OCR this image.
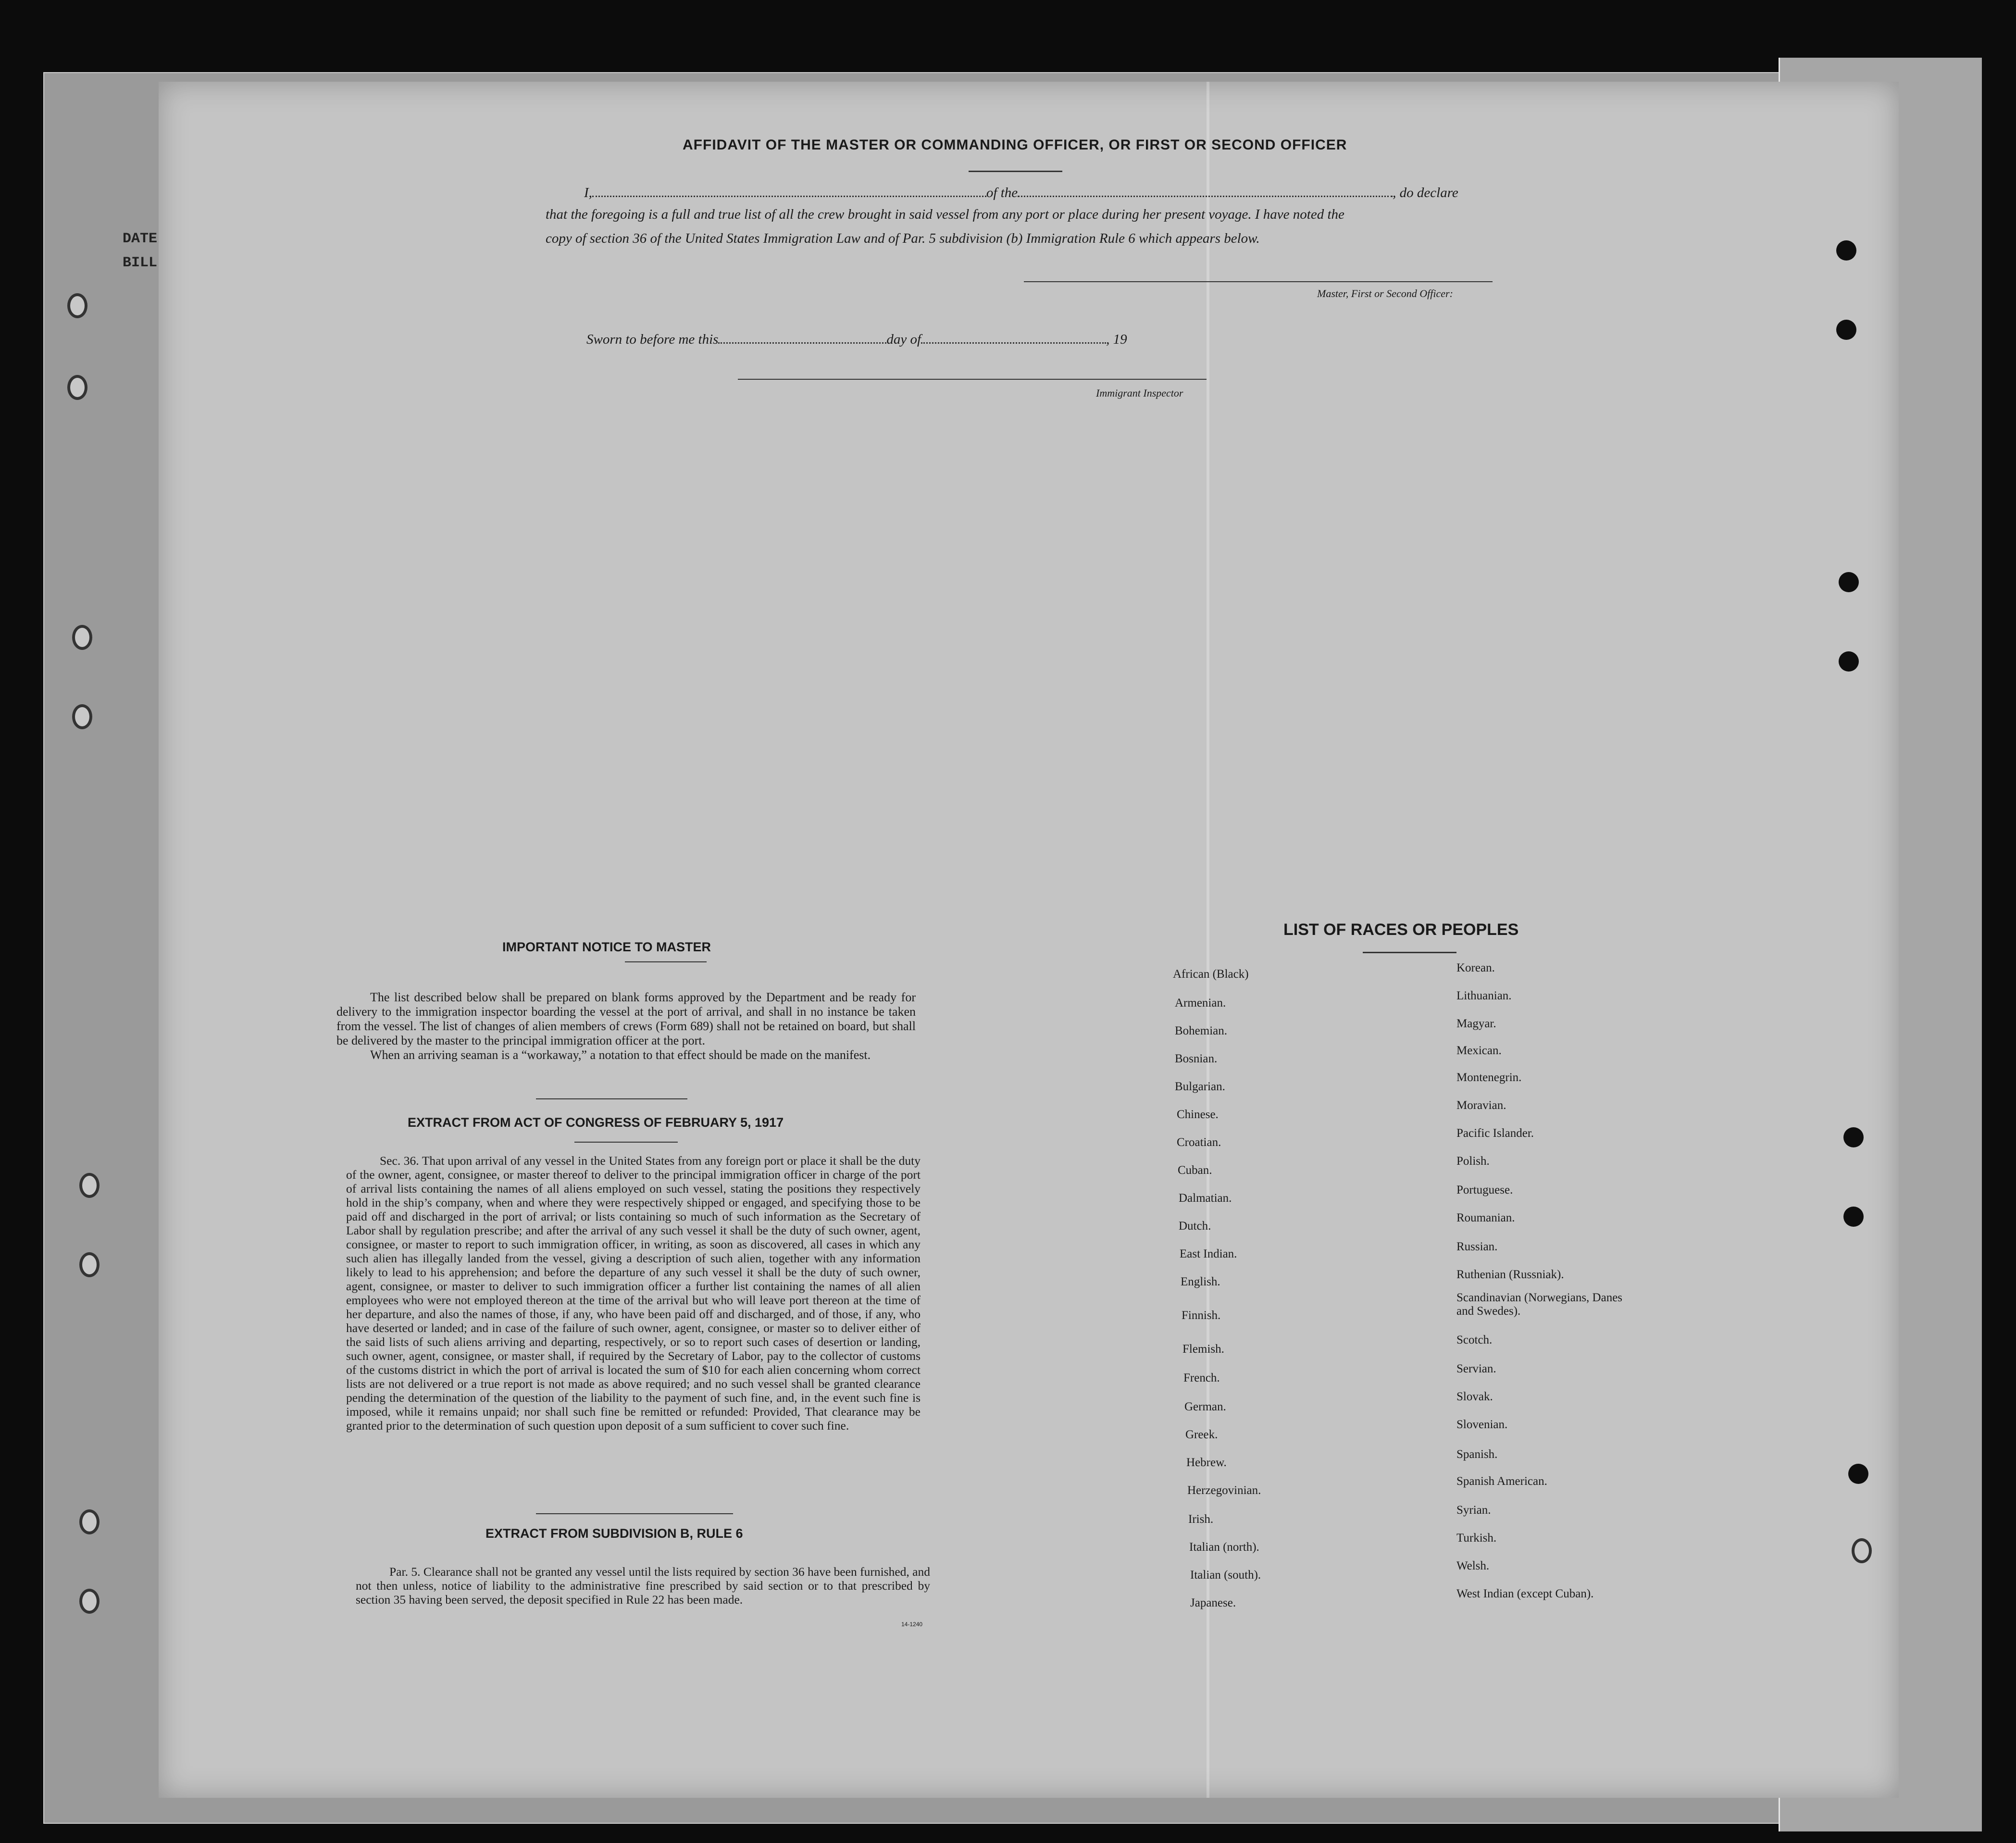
DATE
BILL
AFFIDAVIT OF THE MASTER OR COMMANDING OFFICER, OR FIRST OR SECOND OFFICER
I,	of the	, do declare
that the foregoing is a full and true list of all the crew brought in said vessel from any port or place during her present voyage. I have noted the
copy of section 36 of the United States Immigration Law and of Par. 5 subdivision (b) Immigration Rule 6 which appears below.
Master, First or Second Officer:
Sworn to before me this	day of	, 19
Immigrant Inspector
IMPORTANT NOTICE TO MASTER

The list described below shall be prepared on blank forms approved by the Department and be ready for delivery to the immigration inspector boarding the vessel at the port of arrival, and shall in no instance be taken from the vessel. The list of changes of alien members of crews (Form 689) shall not be retained on board, but shall be delivered by the master to the principal immigration officer at the port.

When an arriving seaman is a “workaway,” a notation to that effect should be made on the manifest.

EXTRACT FROM ACT OF CONGRESS OF FEBRUARY 5, 1917

Sec. 36. That upon arrival of any vessel in the United States from any foreign port or place it shall be the duty of the owner, agent, consignee, or master thereof to deliver to the principal immigration officer in charge of the port of arrival lists containing the names of all aliens employed on such vessel, stating the positions they respectively hold in the ship’s company, when and where they were respectively shipped or engaged, and specifying those to be paid off and discharged in the port of arrival; or lists containing so much of such information as the Secretary of Labor shall by regulation prescribe; and after the arrival of any such vessel it shall be the duty of such owner, agent, consignee, or master to report to such immigration officer, in writing, as soon as discovered, all cases in which any such alien has illegally landed from the vessel, giving a description of such alien, together with any information likely to lead to his apprehension; and before the departure of any such vessel it shall be the duty of such owner, agent, consignee, or master to deliver to such immigration officer a further list containing the names of all alien employees who were not employed thereon at the time of the arrival but who will leave port thereon at the time of her departure, and also the names of those, if any, who have been paid off and discharged, and of those, if any, who have deserted or landed; and in case of the failure of such owner, agent, consignee, or master so to deliver either of the said lists of such aliens arriving and departing, respectively, or so to report such cases of desertion or landing, such owner, agent, consignee, or master shall, if required by the Secretary of Labor, pay to the collector of customs of the customs district in which the port of arrival is located the sum of $10 for each alien concerning whom correct lists are not delivered or a true report is not made as above required; and no such vessel shall be granted clearance pending the determination of the question of the liability to the payment of such fine, and, in the event such fine is imposed, while it remains unpaid; nor shall such fine be remitted or refunded: Provided, That clearance may be granted prior to the determination of such question upon deposit of a sum sufficient to cover such fine.

EXTRACT FROM SUBDIVISION B, RULE 6

Par. 5. Clearance shall not be granted any vessel until the lists required by section 36 have been furnished, and not then unless, notice of liability to the administrative fine prescribed by said section or to that prescribed by section 35 having been served, the deposit specified in Rule 22 has been made.

14-1240
LIST OF RACES OR PEOPLES
African (Black)
Armenian.
Bohemian.
Bosnian.
Bulgarian.
Chinese.
Croatian.
Cuban.
Dalmatian.
Dutch.
East Indian.
English.
Finnish.
Flemish.
French.
German.
Greek.
Hebrew.
Herzegovinian.
Irish.
Italian (north).
Italian (south).
Japanese.
Korean.
Lithuanian.
Magyar.
Mexican.
Montenegrin.
Moravian.
Pacific Islander.
Polish.
Portuguese.
Roumanian.
Russian.
Ruthenian (Russniak).
Scandinavian (Norwegians, Danes and Swedes).
Scotch.
Servian.
Slovak.
Slovenian.
Spanish.
Spanish American.
Syrian.
Turkish.
Welsh.
West Indian (except Cuban).
